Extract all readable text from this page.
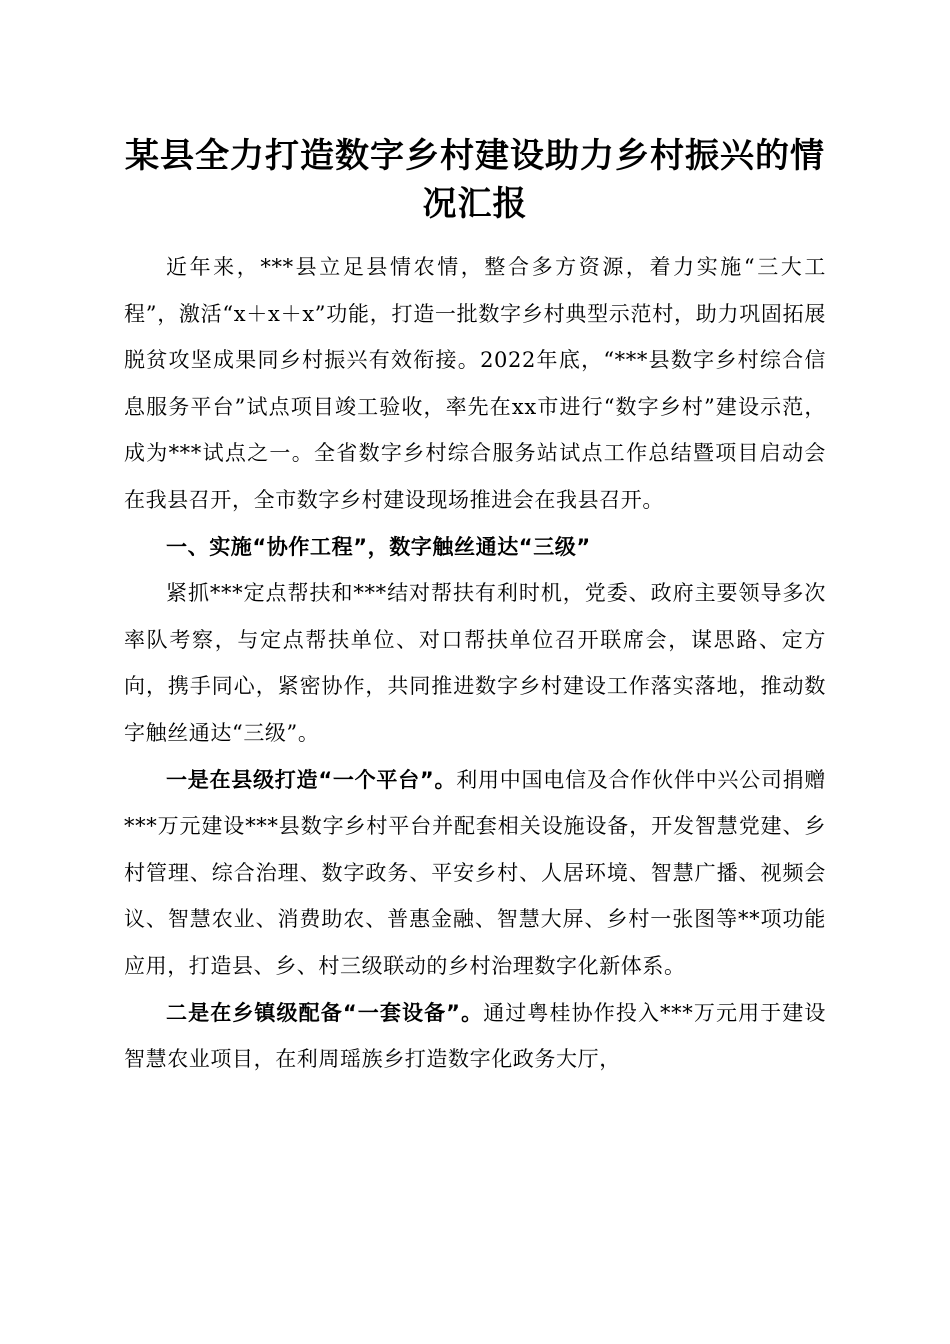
某县全力打造数字乡村建设助力乡村振兴的情况汇报

近年来，***县立足县情农情，整合多方资源，着力实施“三大工程”，激活“x＋x＋x”功能，打造一批数字乡村典型示范村，助力巩固拓展脱贫攻坚成果同乡村振兴有效衔接。2022年底，“***县数字乡村综合信息服务平台”试点项目竣工验收，率先在xx市进行“数字乡村”建设示范，成为***试点之一。全省数字乡村综合服务站试点工作总结暨项目启动会在我县召开，全市数字乡村建设现场推进会在我县召开。

一、实施“协作工程”，数字触丝通达“三级”

紧抓***定点帮扶和***结对帮扶有利时机，党委、政府主要领导多次率队考察，与定点帮扶单位、对口帮扶单位召开联席会，谋思路、定方向，携手同心，紧密协作，共同推进数字乡村建设工作落实落地，推动数字触丝通达“三级”。

一是在县级打造“一个平台”。利用中国电信及合作伙伴中兴公司捐赠***万元建设***县数字乡村平台并配套相关设施设备，开发智慧党建、乡村管理、综合治理、数字政务、平安乡村、人居环境、智慧广播、视频会议、智慧农业、消费助农、普惠金融、智慧大屏、乡村一张图等**项功能应用，打造县、乡、村三级联动的乡村治理数字化新体系。

二是在乡镇级配备“一套设备”。通过粤桂协作投入***万元用于建设智慧农业项目，在利周瑶族乡打造数字化政务大厅，
